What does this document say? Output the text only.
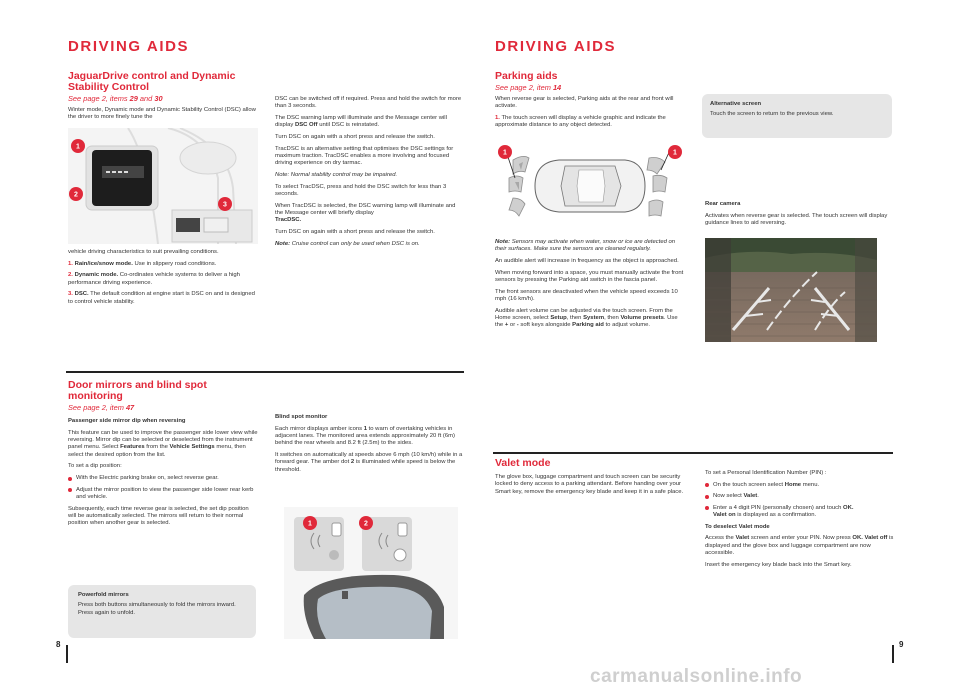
DRIVING AIDS
JaguarDrive control and Dynamic
Stability Control
See page 2, items 29 and 30
Winter mode, Dynamic mode and Dynamic Stability Control (DSC) allow the driver to more finely tune the
1
2
3

vehicle driving characteristics to suit prevailing conditions.

1. Rain/ice/snow mode. Use in slippery road conditions.

2. Dynamic mode. Co-ordinates vehicle systems to deliver a high performance driving experience.

3. DSC. The default condition at engine start is DSC on and is designed to control vehicle stability.

DSC can be switched off if required. Press and hold the switch for more than 3 seconds.

The DSC warning lamp will illuminate and the Message center will display DSC Off until DSC is reinstated.

Turn DSC on again with a short press and release the switch.

TracDSC is an alternative setting that optimises the DSC settings for maximum traction. TracDSC enables a more involving and focused driving experience on dry tarmac.

Note: Normal stability control may be impaired.

To select TracDSC, press and hold the DSC switch for less than 3 seconds.

When TracDSC is selected, the DSC warning lamp will illuminate and the Message center will briefly display
TracDSC.

Turn DSC on again with a short press and release the switch.

Note: Cruise control can only be used when DSC is on.

Door mirrors and blind spot
monitoring
See page 2, item 47

Passenger side mirror dip when reversing

This feature can be used to improve the passenger side lower view while reversing. Mirror dip can be selected or deselected from the instrument panel menu. Select Features from the Vehicle Settings menu, then select the desired option from the list.

To set a dip position:

With the Electric parking brake on, select reverse gear.

Adjust the mirror position to view the passenger side lower rear kerb and vehicle.

Subsequently, each time reverse gear is selected, the set dip position will be automatically selected. The mirrors will return to their normal position when another gear is selected.

Powerfold mirrors

Press both buttons simultaneously to fold the mirrors inward. Press again to unfold.

Blind spot monitor

Each mirror displays amber icons 1 to warn of overtaking vehicles in adjacent lanes. The monitored area extends approximately 20 ft (6m) behind the rear wheels and 8.2 ft (2.5m) to the sides.

It switches on automatically at speeds above 6 mph (10 km/h) while in a forward gear. The amber dot 2 is illuminated while speed is below the threshold.

1	2
8
DRIVING AIDS
Parking aids
See page 2, item 14

When reverse gear is selected, Parking aids at the rear and front will activate.

1. The touch screen will display a vehicle graphic and indicate the approximate distance to any object detected.

1	1

Note: Sensors may activate when water, snow or ice are detected on their surfaces. Make sure the sensors are cleaned regularly.

An audible alert will increase in frequency as the object is approached.

When moving forward into a space, you must manually activate the front sensors by pressing the Parking aid switch in the fascia panel.

The front sensors are deactivated when the vehicle speed exceeds 10 mph (16 km/h).

Audible alert volume can be adjusted via the touch screen. From the Home screen, select Setup, then System, then Volume presets. Use the + or - soft keys alongside Parking aid to adjust volume.

Alternative screen

Touch the screen to return to the previous view.

Rear camera

Activates when reverse gear is selected. The touch screen will display guidance lines to aid reversing.

Valet mode
The glove box, luggage compartment and touch screen can be security locked to deny access to a parking attendant. Before handing over your Smart key, remove the emergency key blade and keep it in a safe place.

To set a Personal Identification Number (PIN) :

On the touch screen select Home menu.

Now select Valet.

Enter a 4 digit PIN (personally chosen) and touch OK.
Valet on is displayed as a confirmation.

To deselect Valet mode

Access the Valet screen and enter your PIN. Now press OK. Valet off is displayed and the glove box and luggage compartment are now accessible.

Insert the emergency key blade back into the Smart key.

9
carmanualsonline.info
